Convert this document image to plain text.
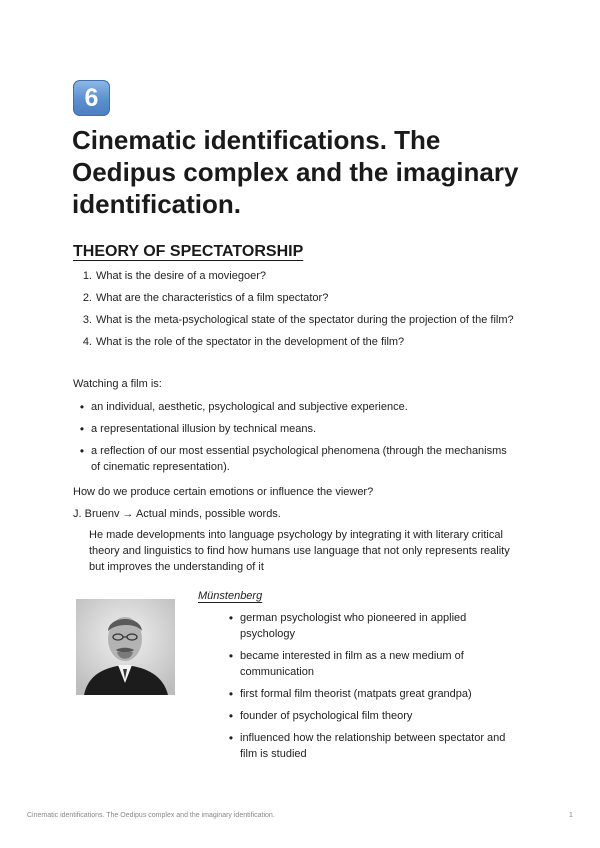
6
Cinematic identifications. The Oedipus complex and the imaginary identification.
THEORY OF SPECTATORSHIP
1. What is the desire of a moviegoer?
2. What are the characteristics of a film spectator?
3. What is the meta-psychological state of the spectator during the projection of the film?
4. What is the role of the spectator in the development of the film?
Watching a film is:
• an individual, aesthetic, psychological and subjective experience.
• a representational illusion by technical means.
• a reflection of our most essential psychological phenomena (through the mechanisms of cinematic representation).
How do we produce certain emotions or influence the viewer?
J. Bruenv → Actual minds, possible words.
He made developments into language psychology by integrating it with literary critical theory and linguistics to find how humans use language that not only represents reality but improves the understanding of it
Münstenberg
• german psychologist who pioneered in applied psychology
• became interested in film as a new medium of communication
• first formal film theorist (matpats great grandpa)
• founder of psychological film theory
• influenced how the relationship between spectator and film is studied
Cinematic identifications. The Oedipus complex and the imaginary identification.	1
